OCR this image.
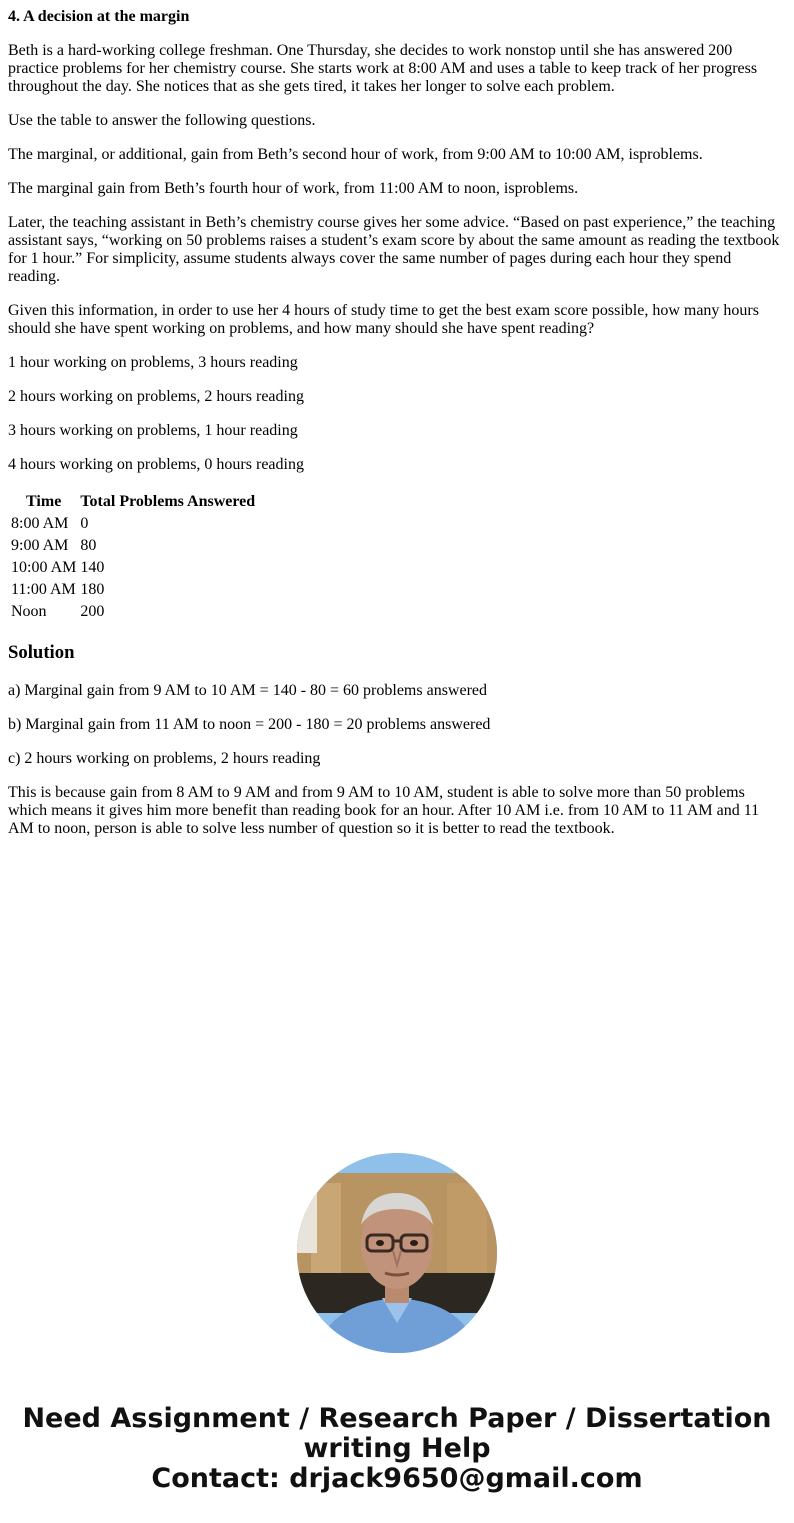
4. A decision at the margin

Beth is a hard-working college freshman. One Thursday, she decides to work nonstop until she has answered 200 practice problems for her chemistry course. She starts work at 8:00 AM and uses a table to keep track of her progress throughout the day. She notices that as she gets tired, it takes her longer to solve each problem.

Use the table to answer the following questions.

The marginal, or additional, gain from Beth’s second hour of work, from 9:00 AM to 10:00 AM, isproblems.

The marginal gain from Beth’s fourth hour of work, from 11:00 AM to noon, isproblems.

Later, the teaching assistant in Beth’s chemistry course gives her some advice. “Based on past experience,” the teaching assistant says, “working on 50 problems raises a student’s exam score by about the same amount as reading the textbook for 1 hour.” For simplicity, assume students always cover the same number of pages during each hour they spend reading.

Given this information, in order to use her 4 hours of study time to get the best exam score possible, how many hours should she have spent working on problems, and how many should she have spent reading?

1 hour working on problems, 3 hours reading

2 hours working on problems, 2 hours reading

3 hours working on problems, 1 hour reading

4 hours working on problems, 0 hours reading

Time	Total Problems Answered
8:00 AM	0
9:00 AM	80
10:00 AM	140
11:00 AM	180
Noon	200
Solution

a) Marginal gain from 9 AM to 10 AM = 140 - 80 = 60 problems answered

b) Marginal gain from 11 AM to noon = 200 - 180 = 20 problems answered

c) 2 hours working on problems, 2 hours reading

This is because gain from 8 AM to 9 AM and from 9 AM to 10 AM, student is able to solve more than 50 problems which means it gives him more benefit than reading book for an hour. After 10 AM i.e. from 10 AM to 11 AM and 11 AM to noon, person is able to solve less number of question so it is better to read the textbook.

Need Assignment / Research Paper / Dissertation
writing Help
Contact: drjack9650@gmail.com
